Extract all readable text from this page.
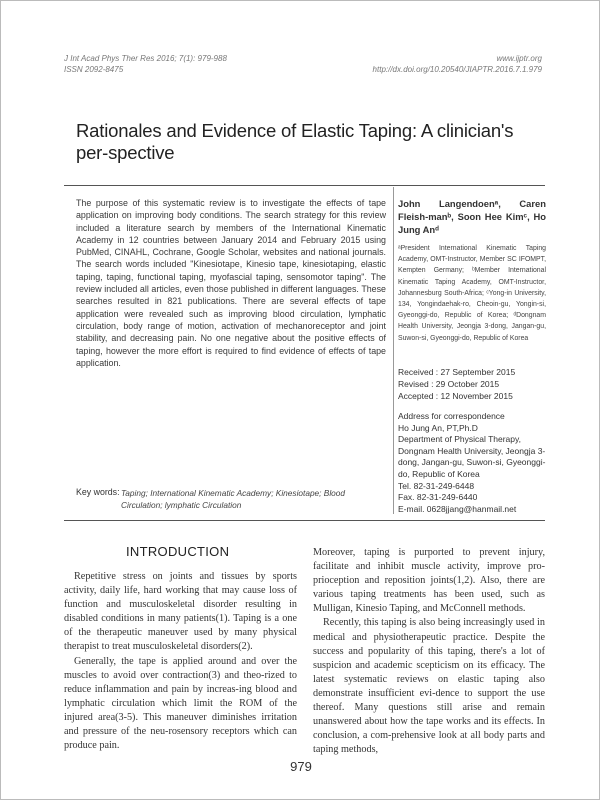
J Int Acad Phys Ther Res 2016; 7(1): 979-988
ISSN 2092-8475
www.ijptr.org
http://dx.doi.org/10.20540/JIAPTR.2016.7.1.979
Rationales and Evidence of Elastic Taping: A clinician's per-spective
The purpose of this systematic review is to investigate the effects of tape application on improving body conditions. The search strategy for this review included a literature search by members of the International Kinematic Academy in 12 countries between January 2014 and February 2015 using PubMed, CINAHL, Cochrane, Google Scholar, websites and national journals. The search words included "Kinesiotape, Kinesio tape, kinesiotaping, elastic taping, taping, functional taping, myofascial taping, sensomotor taping". The review included all articles, even those published in different languages. These searches resulted in 821 publications. There are several effects of tape application were revealed such as improving blood circulation, lymphatic circulation, body range of motion, activation of mechanoreceptor and joint stability, and decreasing pain. No one negative about the positive effects of taping, however the more effort is required to find evidence of effects of tape application.
John Langendoenᵃ, Caren Fleish-manᵇ, Soon Hee Kimᶜ, Ho Jung Anᵈ
ᵃPresident International Kinematic Taping Academy, OMT-Instructor, Member SC IFOMPT, Kempten Germany; ᵇMember International Kinematic Taping Academy, OMT-Instructor, Johannesburg South-Africa; ᶜYong-in University, 134, Yongindaehak-ro, Cheoin-gu, Yongin-si, Gyeonggi-do, Republic of Korea; ᵈDongnam Health University, Jeongja 3-dong, Jangan-gu, Suwon-si, Gyeonggi-do, Republic of Korea
Received : 27 September 2015
Revised : 29 October 2015
Accepted : 12 November 2015
Address for correspondence
Ho Jung An, PT,Ph.D
Department of Physical Therapy, Dongnam Health University, Jeongja 3-dong, Jangan-gu, Suwon-si, Gyeonggi-do, Republic of Korea
Tel. 82-31-249-6448
Fax. 82-31-249-6440
E-mail. 0628jjang@hanmail.net
Key words: Taping; International Kinematic Academy; Kinesiotape; Blood Circulation; lymphatic Circulation
INTRODUCTION

Repetitive stress on joints and tissues by sports activity, daily life, hard working that may cause loss of function and musculoskeletal disorder resulting in disabled conditions in many patients(1). Taping is a one of the therapeutic maneuver used by many physical therapist to treat musculoskeletal disorders(2).

Generally, the tape is applied around and over the muscles to avoid over contraction(3) and theo-rized to reduce inflammation and pain by increas-ing blood and lymphatic circulation which limit the ROM of the injured area(3-5). This maneuver diminishes irritation and pressure of the neu-rosensory receptors which can produce pain.

Moreover, taping is purported to prevent injury, facilitate and inhibit muscle activity, improve pro-prioception and reposition joints(1,2). Also, there are various taping treatments has been used, such as Mulligan, Kinesio Taping, and McConnell methods.

Recently, this taping is also being increasingly used in medical and physiotherapeutic practice. Despite the success and popularity of this taping, there's a lot of suspicion and academic scepticism on its efficacy. The latest systematic reviews on elastic taping also demonstrate insufficient evi-dence to support the use thereof. Many questions still arise and remain unanswered about how the tape works and its effects. In conclusion, a com-prehensive look at all body parts and taping methods,

979
